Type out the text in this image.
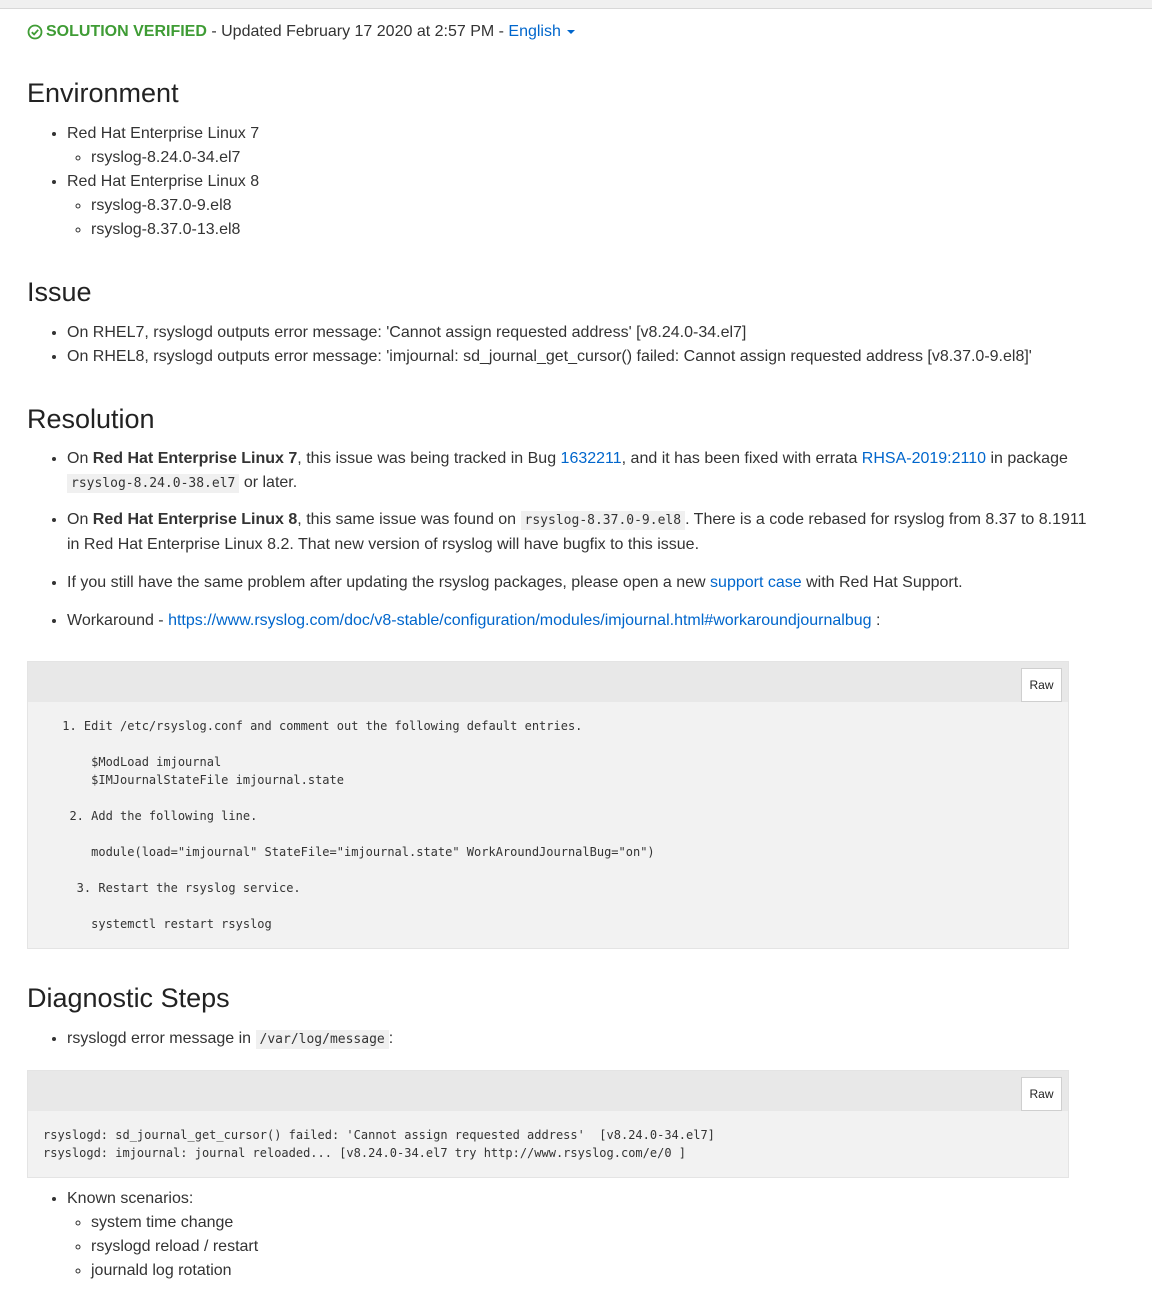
SOLUTION VERIFIED - Updated February 17 2020 at 2:57 PM - English
Environment
• Red Hat Enterprise Linux 7
◦ rsyslog-8.24.0-34.el7
• Red Hat Enterprise Linux 8
◦ rsyslog-8.37.0-9.el8
◦ rsyslog-8.37.0-13.el8
Issue
• On RHEL7, rsyslogd outputs error message: 'Cannot assign requested address' [v8.24.0-34.el7]
• On RHEL8, rsyslogd outputs error message: 'imjournal: sd_journal_get_cursor() failed: Cannot assign requested address [v8.37.0-9.el8]'
Resolution
• On Red Hat Enterprise Linux 7, this issue was being tracked in Bug 1632211, and it has been fixed with errata RHSA-2019:2110 in package
rsyslog-8.24.0-38.el7 or later.
• On Red Hat Enterprise Linux 8, this same issue was found on rsyslog-8.37.0-9.el8 . There is a code rebased for rsyslog from 8.37 to 8.1911 in Red Hat Enterprise Linux 8.2. That new version of rsyslog will have bugfix to this issue.
• If you still have the same problem after updating the rsyslog packages, please open a new support case with Red Hat Support.
• Workaround - https://www.rsyslog.com/doc/v8-stable/configuration/modules/imjournal.html#workaroundjournalbug :
Raw
1. Edit /etc/rsyslog.conf and comment out the following default entries.

$ModLoad imjournal
$IMJournalStateFile imjournal.state

2. Add the following line.

module(load="imjournal" StateFile="imjournal.state" WorkAroundJournalBug="on")

3. Restart the rsyslog service.

systemctl restart rsyslog
Diagnostic Steps
• rsyslogd error message in /var/log/message :
Raw
rsyslogd: sd_journal_get_cursor() failed: 'Cannot assign requested address'  [v8.24.0-34.el7]
rsyslogd: imjournal: journal reloaded... [v8.24.0-34.el7 try http://www.rsyslog.com/e/0 ]
• Known scenarios:
◦ system time change
◦ rsyslogd reload / restart
◦ journald log rotation
